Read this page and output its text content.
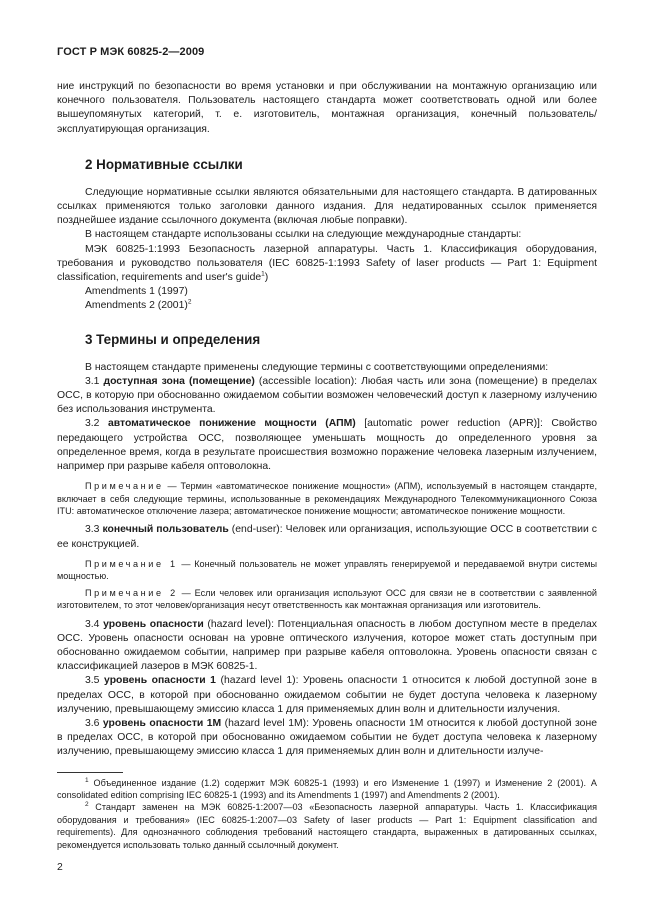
ГОСТ Р МЭК 60825-2—2009

ние инструкций по безопасности во время установки и при обслуживании на монтажную организацию или конечного пользователя. Пользователь настоящего стандарта может соответствовать одной или более вышеупомянутых категорий, т. е. изготовитель, монтажная организация, конечный пользователь/эксплуатирующая организация.

2 Нормативные ссылки

Следующие нормативные ссылки являются обязательными для настоящего стандарта. В датированных ссылках применяются только заголовки данного издания. Для недатированных ссылок применяется позднейшее издание ссылочного документа (включая любые поправки).

В настоящем стандарте использованы ссылки на следующие международные стандарты:

МЭК 60825-1:1993 Безопасность лазерной аппаратуры. Часть 1. Классификация оборудования, требования и руководство пользователя (IEC 60825-1:1993 Safety of laser products — Part 1: Equipment classification, requirements and user's guide$^1$)

Amendments 1 (1997)

Amendments 2 $(2001)^2$

3 Термины и определения

В настоящем стандарте применены следующие термины с соответствующими определениями:

3.1 доступная зона (помещение) (accessible location): Любая часть или зона (помещение) в пределах ОСС, в которую при обоснованно ожидаемом событии возможен человеческий доступ к лазерному излучению без использования инструмента.

3.2 автоматическое понижение мощности (АПМ) [automatic power reduction (APR)]: Свойство передающего устройства ОСС, позволяющее уменьшать мощность до определенного уровня за определенное время, когда в результате происшествия возможно поражение человека лазерным излучением, например при разрыве кабеля оптоволокна.

Примечание — Термин «автоматическое понижение мощности» (АПМ), используемый в настоящем стандарте, включает в себя следующие термины, использованные в рекомендациях Международного Телекоммуникационного Союза ITU: автоматическое отключение лазера; автоматическое понижение мощности; автоматическое понижение мощности.

3.3 конечный пользователь (end-user): Человек или организация, использующие ОСС в соответствии с ее конструкцией.

Примечание 1 — Конечный пользователь не может управлять генерируемой и передаваемой внутри системы мощностью.

Примечание 2 — Если человек или организация используют ОСС для связи не в соответствии с заявленной изготовителем, то этот человек/организация несут ответственность как монтажная организация или изготовитель.

3.4 уровень опасности (hazard level): Потенциальная опасность в любом доступном месте в пределах ОСС. Уровень опасности основан на уровне оптического излучения, которое может стать доступным при обоснованно ожидаемом событии, например при разрыве кабеля оптоволокна. Уровень опасности связан с классификацией лазеров в МЭК 60825-1.

3.5 уровень опасности 1 (hazard level 1): Уровень опасности 1 относится к любой доступной зоне в пределах ОСС, в которой при обоснованно ожидаемом событии не будет доступа человека к лазерному излучению, превышающему эмиссию класса 1 для применяемых длин волн и длительности излучения.

3.6 уровень опасности 1М (hazard level 1M): Уровень опасности 1М относится к любой доступной зоне в пределах ОСС, в которой при обоснованно ожидаемом событии не будет доступа человека к лазерному излучению, превышающему эмиссию класса 1 для применяемых длин волн и длительности излуче-

$^1$ Объединенное издание (1.2) содержит МЭК 60825-1 (1993) и его Изменение 1 (1997) и Изменение 2 (2001). A consolidated edition comprising IEC 60825-1 (1993) and its Amendments 1 (1997) and Amendments 2 (2001).

$^2$ Стандарт заменен на МЭК 60825-1:2007—03 «Безопасность лазерной аппаратуры. Часть 1. Классификация оборудования и требования» (IEC 60825-1:2007—03 Safety of laser products — Part 1: Equipment classification and requirements). Для однозначного соблюдения требований настоящего стандарта, выраженных в датированных ссылках, рекомендуется использовать только данный ссылочный документ.

2
